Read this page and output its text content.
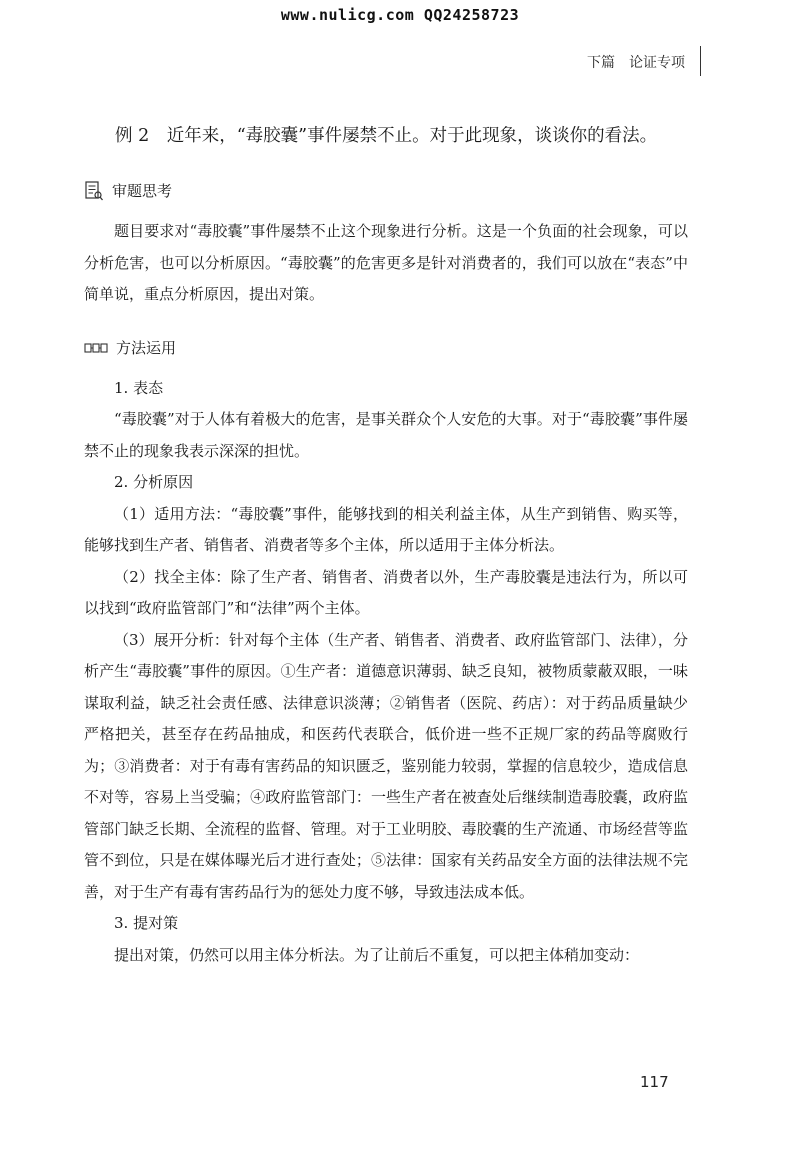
www.nulicg.com QQ24258723
下篇 论证专项
例 2　近年来，“毒胶囊”事件屡禁不止。对于此现象，谈谈你的看法。
审题思考

题目要求对“毒胶囊”事件屡禁不止这个现象进行分析。这是一个负面的社会现象，可以分析危害，也可以分析原因。“毒胶囊”的危害更多是针对消费者的，我们可以放在“表态”中简单说，重点分析原因，提出对策。

方法运用

1. 表态

“毒胶囊”对于人体有着极大的危害，是事关群众个人安危的大事。对于“毒胶囊”事件屡禁不止的现象我表示深深的担忧。

2. 分析原因

（1）适用方法：“毒胶囊”事件，能够找到的相关利益主体，从生产到销售、购买等，能够找到生产者、销售者、消费者等多个主体，所以适用于主体分析法。

（2）找全主体：除了生产者、销售者、消费者以外，生产毒胶囊是违法行为，所以可以找到“政府监管部门”和“法律”两个主体。

（3）展开分析：针对每个主体（生产者、销售者、消费者、政府监管部门、法律），分析产生“毒胶囊”事件的原因。①生产者：道德意识薄弱、缺乏良知，被物质蒙蔽双眼，一味谋取利益，缺乏社会责任感、法律意识淡薄；②销售者（医院、药店）：对于药品质量缺少严格把关，甚至存在药品抽成，和医药代表联合，低价进一些不正规厂家的药品等腐败行为；③消费者：对于有毒有害药品的知识匮乏，鉴别能力较弱，掌握的信息较少，造成信息不对等，容易上当受骗；④政府监管部门：一些生产者在被查处后继续制造毒胶囊，政府监管部门缺乏长期、全流程的监督、管理。对于工业明胶、毒胶囊的生产流通、市场经营等监管不到位，只是在媒体曝光后才进行查处；⑤法律：国家有关药品安全方面的法律法规不完善，对于生产有毒有害药品行为的惩处力度不够，导致违法成本低。

3. 提对策

提出对策，仍然可以用主体分析法。为了让前后不重复，可以把主体稍加变动：

117
